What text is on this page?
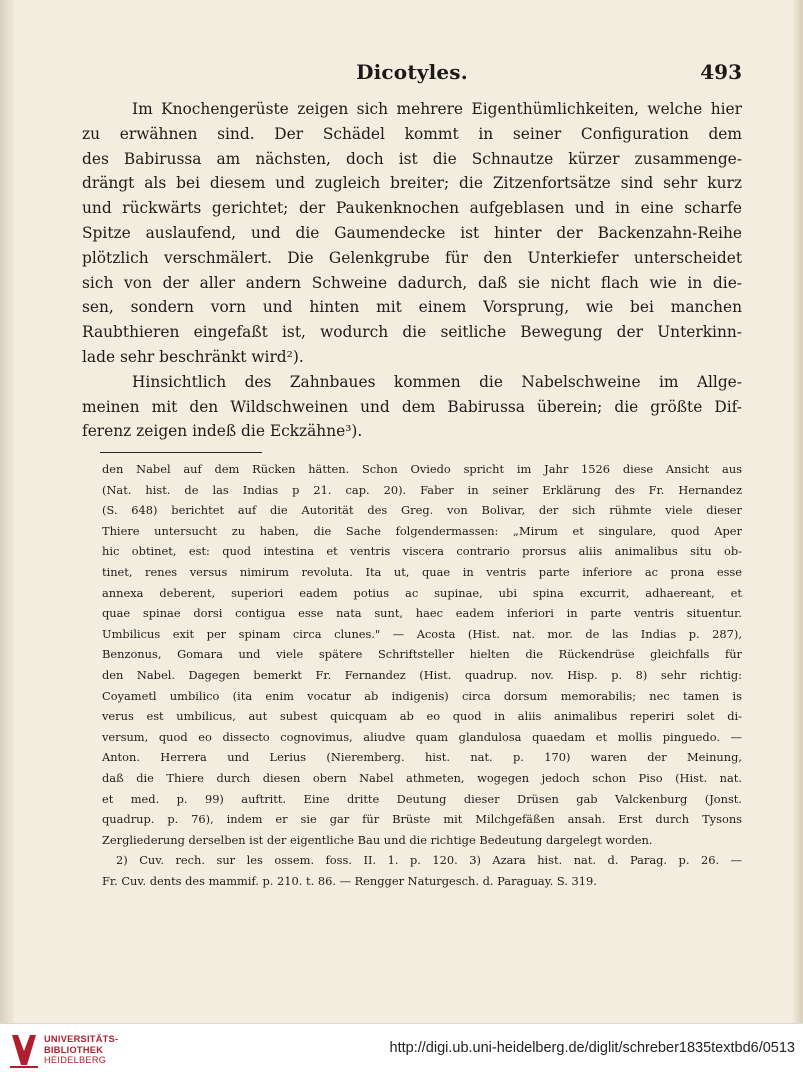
Dicotyles.	493
Im Knochengerüste zeigen sich mehrere Eigenthümlichkeiten, welche hier
zu erwähnen sind. Der Schädel kommt in seiner Configuration dem
des Babirussa am nächsten, doch ist die Schnautze kürzer zusammenge-
drängt als bei diesem und zugleich breiter; die Zitzenfortsätze sind sehr kurz
und rückwärts gerichtet; der Paukenknochen aufgeblasen und in eine scharfe
Spitze auslaufend, und die Gaumendecke ist hinter der Backenzahn-Reihe
plötzlich verschmälert. Die Gelenkgrube für den Unterkiefer unterscheidet
sich von der aller andern Schweine dadurch, daß sie nicht flach wie in die-
sen, sondern vorn und hinten mit einem Vorsprung, wie bei manchen
Raubthieren eingefaßt ist, wodurch die seitliche Bewegung der Unterkinn-
lade sehr beschränkt wird²).
Hinsichtlich des Zahnbaues kommen die Nabelschweine im Allge-
meinen mit den Wildschweinen und dem Babirussa überein; die größte Dif-
ferenz zeigen indeß die Eckzähne³).
den Nabel auf dem Rücken hätten. Schon Oviedo spricht im Jahr 1526 diese Ansicht aus
(Nat. hist. de las Indias p 21. cap. 20). Faber in seiner Erklärung des Fr. Hernandez
(S. 648) berichtet auf die Autorität des Greg. von Bolivar, der sich rühmte viele dieser
Thiere untersucht zu haben, die Sache folgendermassen: „Mirum et singulare, quod Aper
hic obtinet, est: quod intestina et ventris viscera contrario prorsus aliis animalibus situ ob-
tinet, renes versus nimirum revoluta. Ita ut, quae in ventris parte inferiore ac prona esse
annexa deberent, superiori eadem potius ac supinae, ubi spina excurrit, adhaereant, et
quae spinae dorsi contigua esse nata sunt, haec eadem inferiori in parte ventris situentur.
Umbilicus exit per spinam circa clunes." — Acosta (Hist. nat. mor. de las Indias p. 287),
Benzonus, Gomara und viele spätere Schriftsteller hielten die Rückendrüse gleichfalls für
den Nabel. Dagegen bemerkt Fr. Fernandez (Hist. quadrup. nov. Hisp. p. 8) sehr richtig:
Coyametl umbilico (ita enim vocatur ab indigenis) circa dorsum memorabilis; nec tamen is
verus est umbilicus, aut subest quicquam ab eo quod in aliis animalibus reperiri solet di-
versum, quod eo dissecto cognovimus, aliudve quam glandulosa quaedam et mollis pinguedo. —
Anton. Herrera und Lerius (Nieremberg. hist. nat. p. 170) waren der Meinung,
daß die Thiere durch diesen obern Nabel athmeten, wogegen jedoch schon Piso (Hist. nat.
et med. p. 99) auftritt. Eine dritte Deutung dieser Drüsen gab Valckenburg (Jonst.
quadrup. p. 76), indem er sie gar für Brüste mit Milchgefäßen ansah. Erst durch Tysons
Zergliederung derselben ist der eigentliche Bau und die richtige Bedeutung dargelegt worden.
2) Cuv. rech. sur les ossem. foss. II. 1. p. 120. 3) Azara hist. nat. d. Parag. p. 26. —
Fr. Cuv. dents des mammif. p. 210. t. 86. — Rengger Naturgesch. d. Paraguay. S. 319.
UNIVERSITÄTS-
BIBLIOTHEK
HEIDELBERG
http://digi.ub.uni-heidelberg.de/diglit/schreber1835textbd6/0513
